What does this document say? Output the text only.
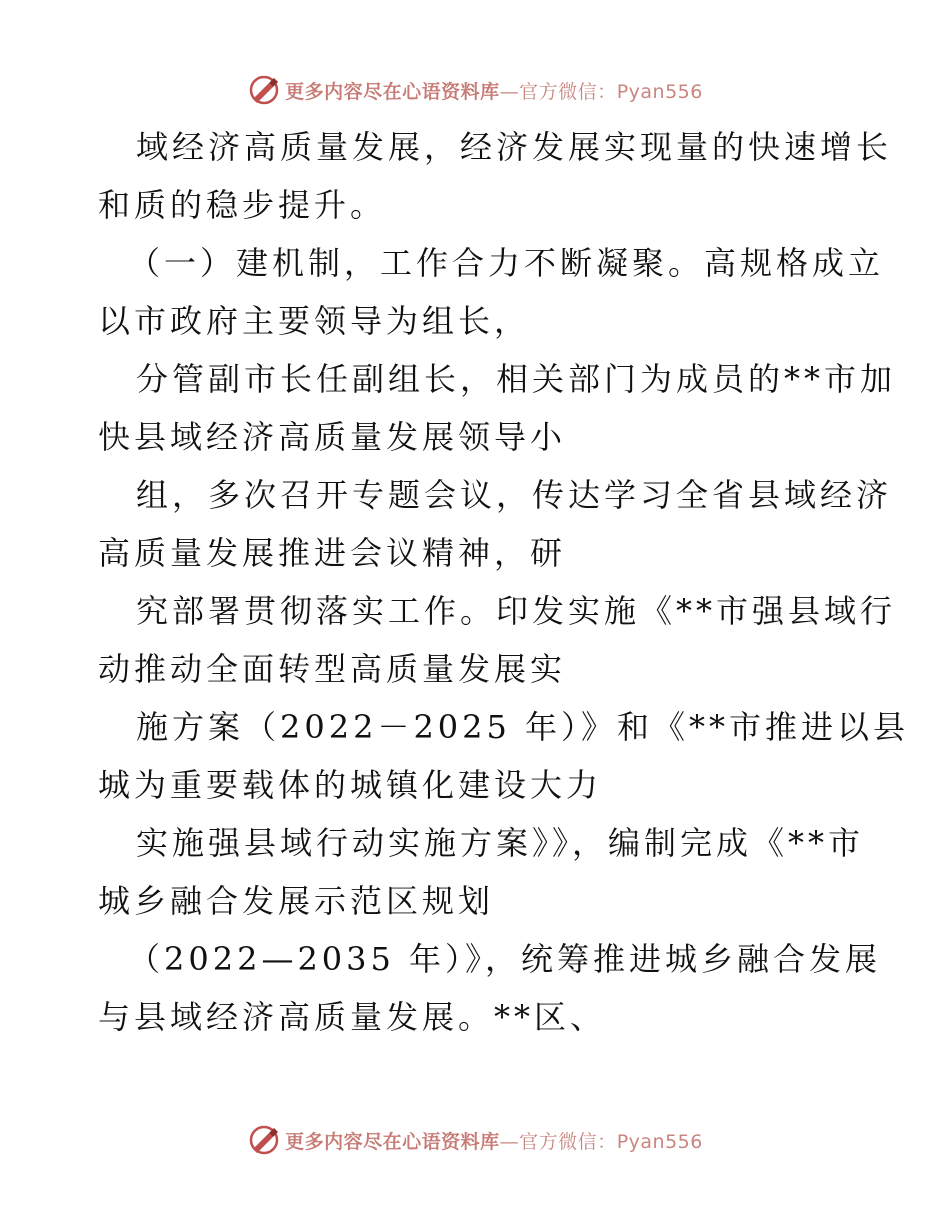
更多内容尽在心语资料库—官方微信：Pyan556

域经济高质量发展，经济发展实现量的快速增长
和质的稳步提升。

（一）建机制，工作合力不断凝聚。高规格成立
以市政府主要领导为组长，

分管副市长任副组长，相关部门为成员的**市加
快县域经济高质量发展领导小

组，多次召开专题会议，传达学习全省县域经济
高质量发展推进会议精神，研

究部署贯彻落实工作。印发实施《**市强县域行
动推动全面转型高质量发展实

施方案（2022－2025 年）》和《**市推进以县
城为重要载体的城镇化建设大力

实施强县域行动实施方案》》，编制完成《**市
城乡融合发展示范区规划

（2022—2035 年）》，统筹推进城乡融合发展
与县域经济高质量发展。**区、

更多内容尽在心语资料库—官方微信：Pyan556
